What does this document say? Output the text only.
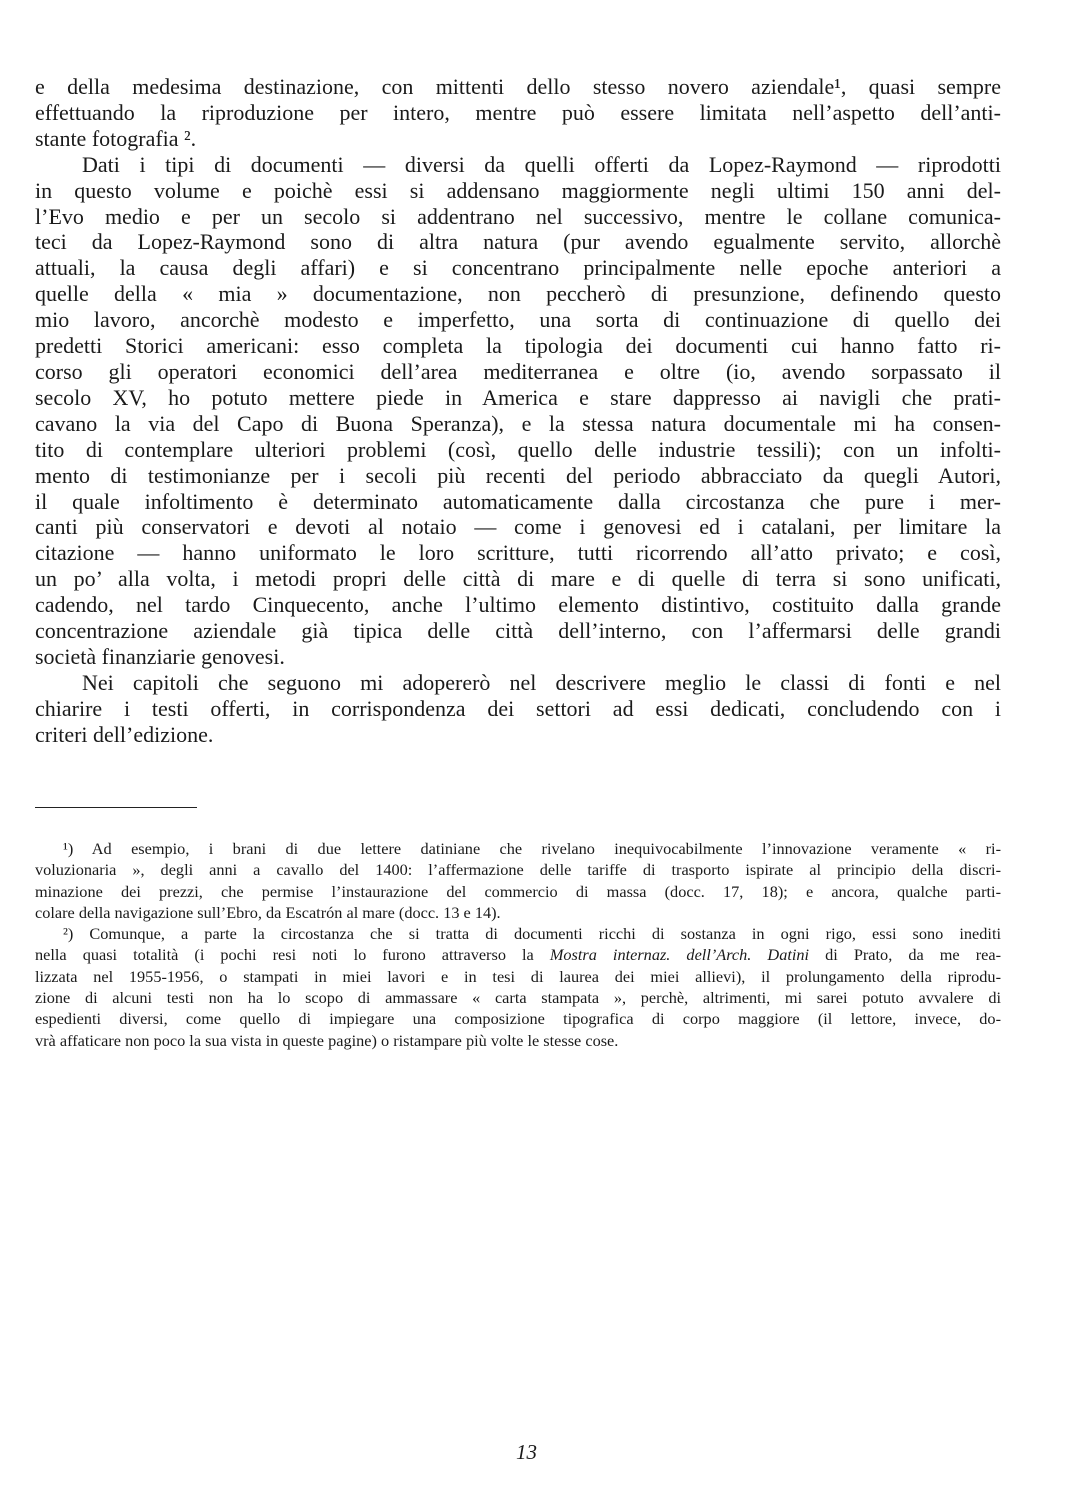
e della medesima destinazione, con mittenti dello stesso novero aziendale¹, quasi sempre
effettuando la riproduzione per intero, mentre può essere limitata nell’aspetto dell’anti-
stante fotografia ².
Dati i tipi di documenti — diversi da quelli offerti da Lopez-Raymond — riprodotti
in questo volume e poichè essi si addensano maggiormente negli ultimi 150 anni del-
l’Evo medio e per un secolo si addentrano nel successivo, mentre le collane comunica-
teci da Lopez-Raymond sono di altra natura (pur avendo egualmente servito, allorchè
attuali, la causa degli affari) e si concentrano principalmente nelle epoche anteriori a
quelle della « mia » documentazione, non peccherò di presunzione, definendo questo
mio lavoro, ancorchè modesto e imperfetto, una sorta di continuazione di quello dei
predetti Storici americani: esso completa la tipologia dei documenti cui hanno fatto ri-
corso gli operatori economici dell’area mediterranea e oltre (io, avendo sorpassato il
secolo XV, ho potuto mettere piede in America e stare dappresso ai navigli che prati-
cavano la via del Capo di Buona Speranza), e la stessa natura documentale mi ha consen-
tito di contemplare ulteriori problemi (così, quello delle industrie tessili); con un infolti-
mento di testimonianze per i secoli più recenti del periodo abbracciato da quegli Autori,
il quale infoltimento è determinato automaticamente dalla circostanza che pure i mer-
canti più conservatori e devoti al notaio — come i genovesi ed i catalani, per limitare la
citazione — hanno uniformato le loro scritture, tutti ricorrendo all’atto privato; e così,
un po’ alla volta, i metodi propri delle città di mare e di quelle di terra si sono unificati,
cadendo, nel tardo Cinquecento, anche l’ultimo elemento distintivo, costituito dalla grande
concentrazione aziendale già tipica delle città dell’interno, con l’affermarsi delle grandi
società finanziarie genovesi.
Nei capitoli che seguono mi adopererò nel descrivere meglio le classi di fonti e nel
chiarire i testi offerti, in corrispondenza dei settori ad essi dedicati, concludendo con i
criteri dell’edizione.
¹) Ad esempio, i brani di due lettere datiniane che rivelano inequivocabilmente l’innovazione veramente « ri-
voluzionaria », degli anni a cavallo del 1400: l’affermazione delle tariffe di trasporto ispirate al principio della discri-
minazione dei prezzi, che permise l’instaurazione del commercio di massa (docc. 17, 18); e ancora, qualche parti-
colare della navigazione sull’Ebro, da Escatrón al mare (docc. 13 e 14).
²) Comunque, a parte la circostanza che si tratta di documenti ricchi di sostanza in ogni rigo, essi sono inediti
nella quasi totalità (i pochi resi noti lo furono attraverso la Mostra internaz. dell’Arch. Datini di Prato, da me rea-
lizzata nel 1955-1956, o stampati in miei lavori e in tesi di laurea dei miei allievi), il prolungamento della riprodu-
zione di alcuni testi non ha lo scopo di ammassare « carta stampata », perchè, altrimenti, mi sarei potuto avvalere di
espedienti diversi, come quello di impiegare una composizione tipografica di corpo maggiore (il lettore, invece, do-
vrà affaticare non poco la sua vista in queste pagine) o ristampare più volte le stesse cose.
13
